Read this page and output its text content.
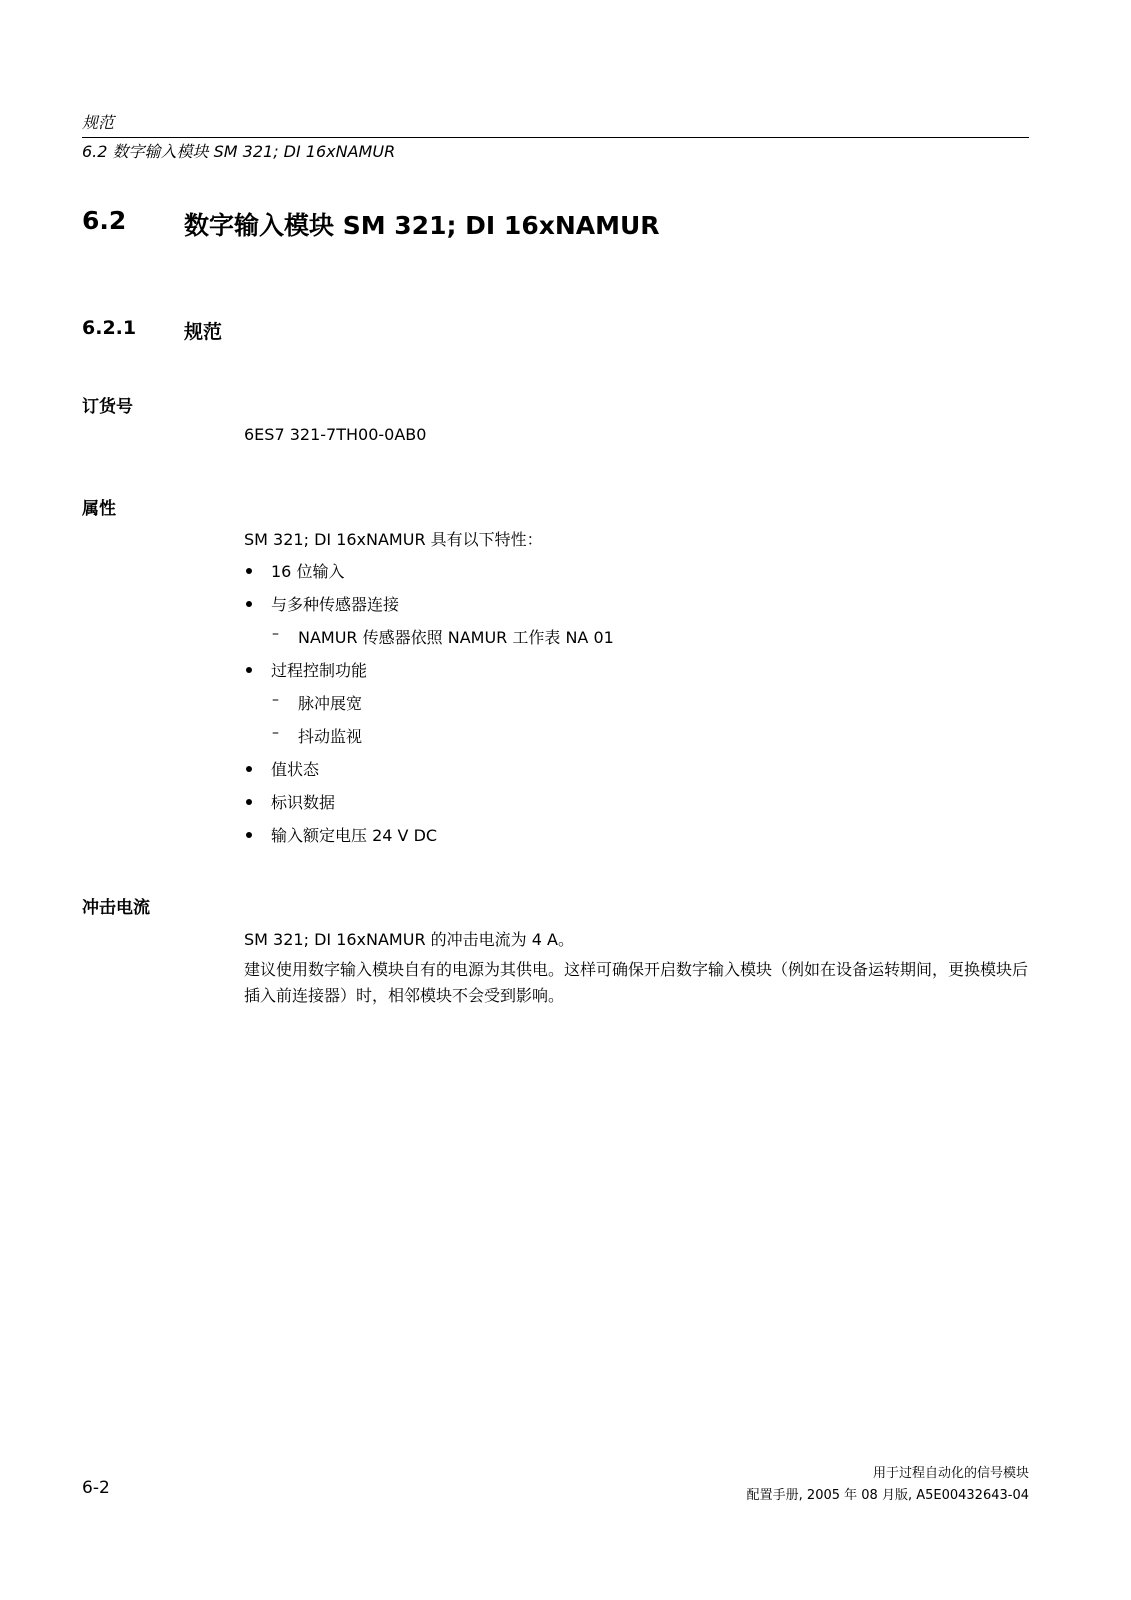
规范
6.2 数字输入模块 SM 321; DI 16xNAMUR
6.2 数字输入模块 SM 321; DI 16xNAMUR
6.2.1	规范
订货号
6ES7 321-7TH00-0AB0
属性
SM 321; DI 16xNAMUR 具有以下特性：
16 位输入
与多种传感器连接
– NAMUR 传感器依照 NAMUR 工作表 NA 01
过程控制功能
– 脉冲展宽
– 抖动监视
值状态
标识数据
输入额定电压 24 V DC
冲击电流
SM 321; DI 16xNAMUR 的冲击电流为 4 A。
建议使用数字输入模块自有的电源为其供电。这样可确保开启数字输入模块（例如在设备运转期间，更换模块后插入前连接器）时，相邻模块不会受到影响。
6-2
用于过程自动化的信号模块
配置手册, 2005 年 08 月版, A5E00432643-04
